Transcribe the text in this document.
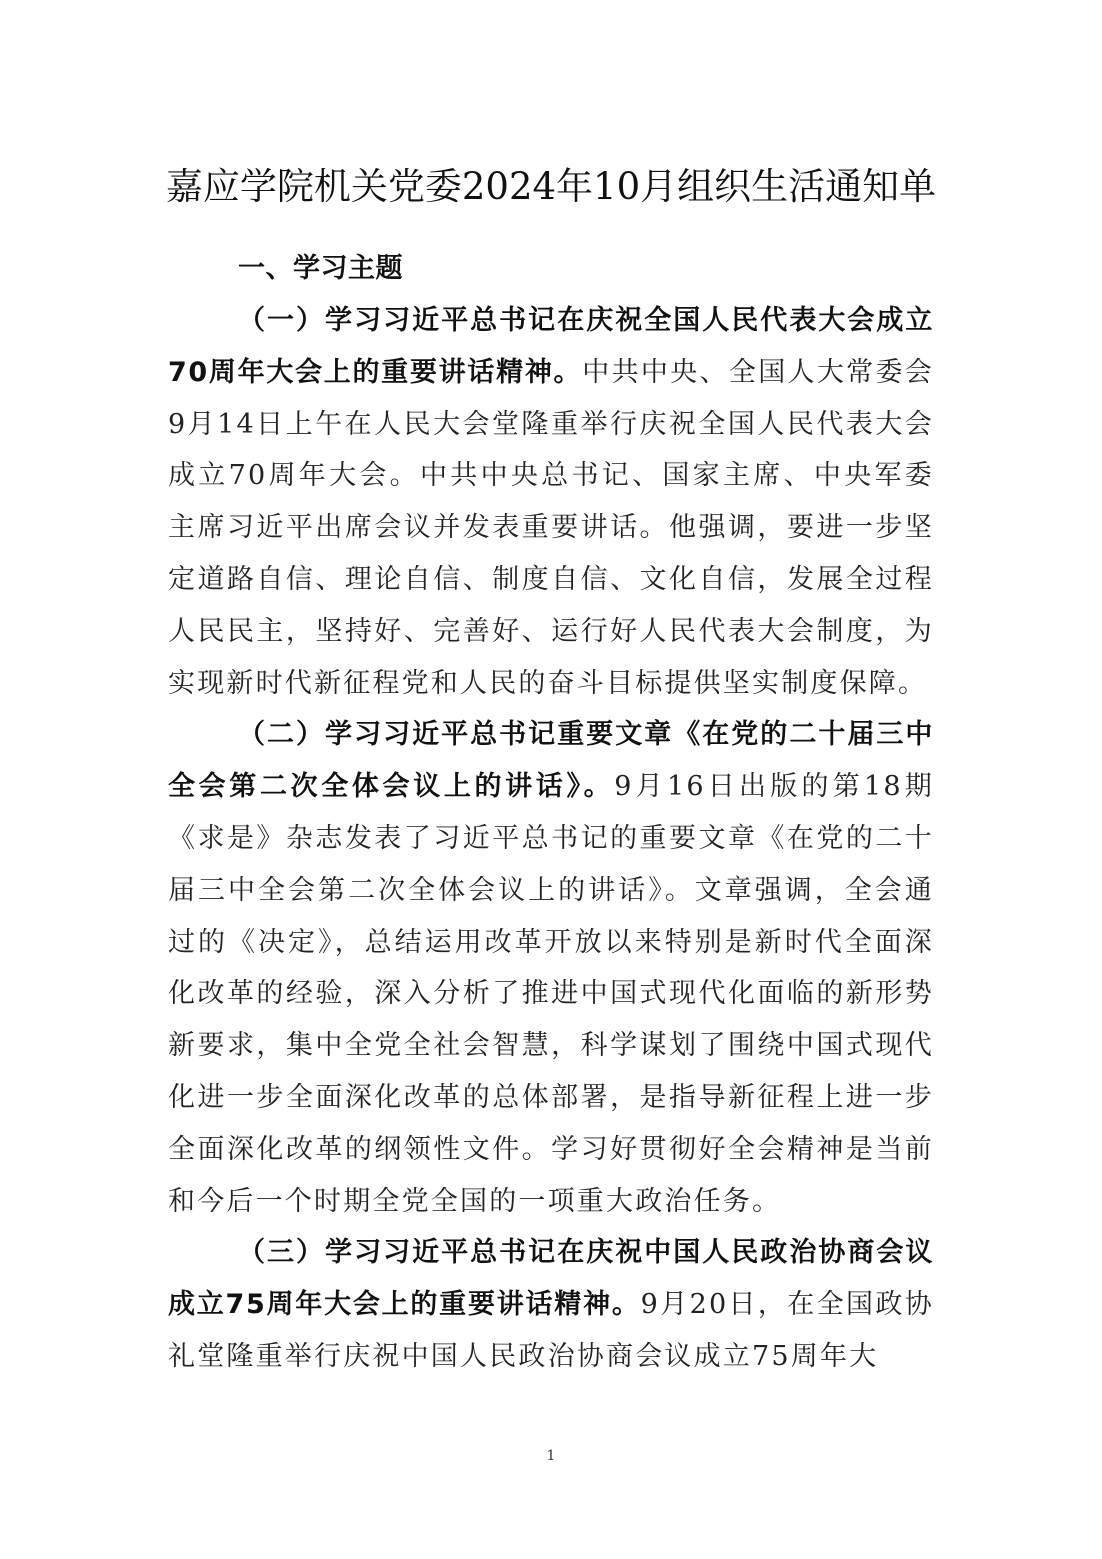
嘉应学院机关党委2024年10月组织生活通知单
一、学习主题

（一）学习习近平总书记在庆祝全国人民代表大会成立70周年大会上的重要讲话精神。中共中央、全国人大常委会9月14日上午在人民大会堂隆重举行庆祝全国人民代表大会成立70周年大会。中共中央总书记、国家主席、中央军委主席习近平出席会议并发表重要讲话。他强调，要进一步坚定道路自信、理论自信、制度自信、文化自信，发展全过程人民民主，坚持好、完善好、运行好人民代表大会制度，为实现新时代新征程党和人民的奋斗目标提供坚实制度保障。

（二）学习习近平总书记重要文章《在党的二十届三中全会第二次全体会议上的讲话》。9月16日出版的第18期《求是》杂志发表了习近平总书记的重要文章《在党的二十届三中全会第二次全体会议上的讲话》。文章强调，全会通过的《决定》，总结运用改革开放以来特别是新时代全面深化改革的经验，深入分析了推进中国式现代化面临的新形势新要求，集中全党全社会智慧，科学谋划了围绕中国式现代化进一步全面深化改革的总体部署，是指导新征程上进一步全面深化改革的纲领性文件。学习好贯彻好全会精神是当前和今后一个时期全党全国的一项重大政治任务。

（三）学习习近平总书记在庆祝中国人民政治协商会议成立75周年大会上的重要讲话精神。9月20日，在全国政协礼堂隆重举行庆祝中国人民政治协商会议成立75周年大

1
